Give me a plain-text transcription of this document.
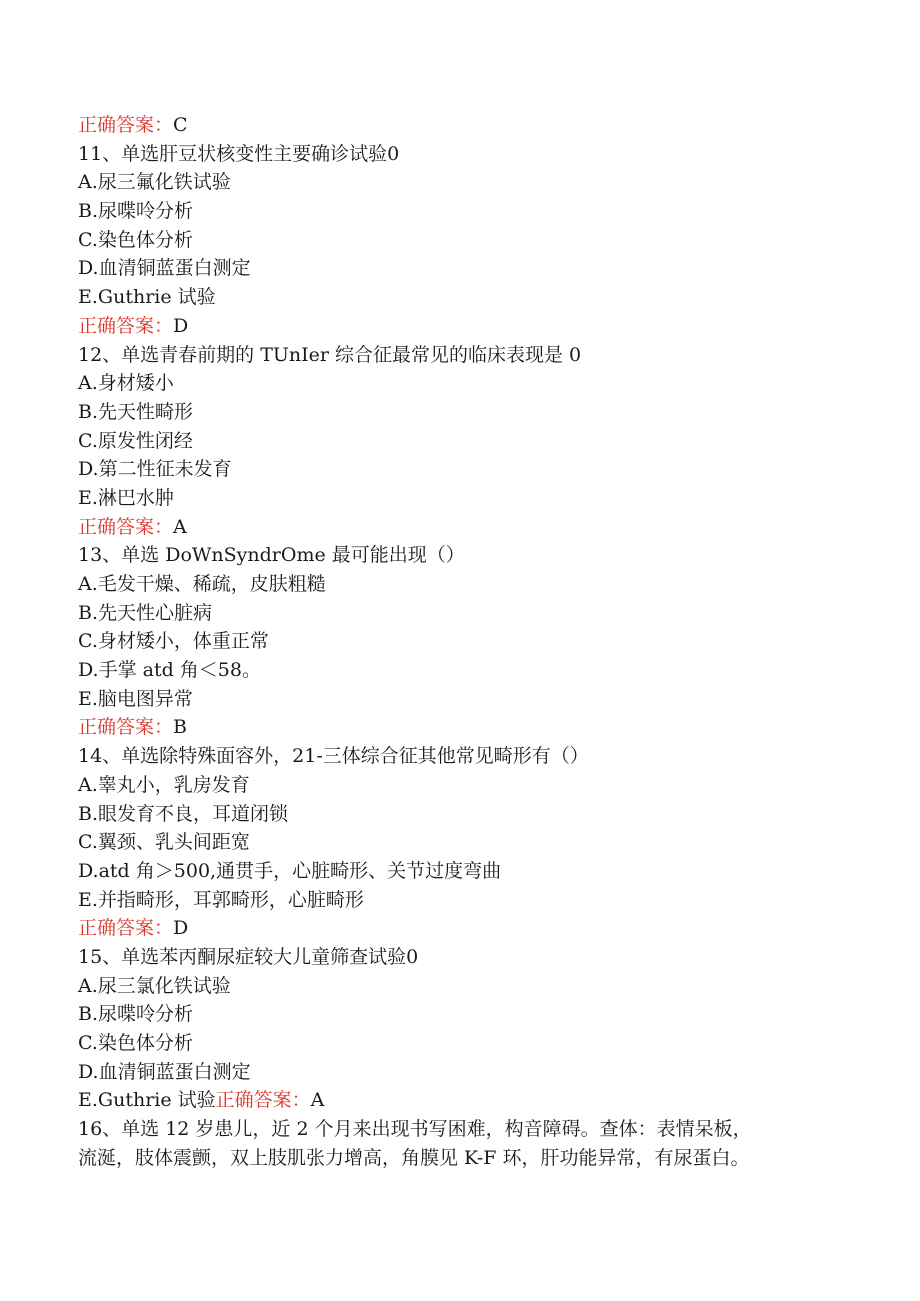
正确答案：C
11、单选肝豆状核变性主要确诊试验0
A.尿三氟化铁试验
B.尿喋呤分析
C.染色体分析
D.血清铜蓝蛋白测定
E.Guthrie 试验
正确答案：D
12、单选青春前期的 TUnIer 综合征最常见的临床表现是 0
A.身材矮小
B.先天性畸形
C.原发性闭经
D.第二性征未发育
E.淋巴水肿
正确答案：A
13、单选 DoWnSyndrOme 最可能出现（）
A.毛发干燥、稀疏，皮肤粗糙
B.先天性心脏病
C.身材矮小，体重正常
D.手掌 atd 角＜58。
E.脑电图异常
正确答案：B
14、单选除特殊面容外，21-三体综合征其他常见畸形有（）
A.睾丸小，乳房发育
B.眼发育不良，耳道闭锁
C.翼颈、乳头间距宽
D.atd 角＞500,通贯手，心脏畸形、关节过度弯曲
E.并指畸形，耳郭畸形，心脏畸形
正确答案：D
15、单选苯丙酮尿症较大儿童筛查试验0
A.尿三氯化铁试验
B.尿喋呤分析
C.染色体分析
D.血清铜蓝蛋白测定
E.Guthrie 试验正确答案：A
16、单选 12 岁患儿，近 2 个月来出现书写困难，构音障碍。查体：表情呆板，
流涎，肢体震颤，双上肢肌张力增高，角膜见 K-F 环，肝功能异常，有尿蛋白。
